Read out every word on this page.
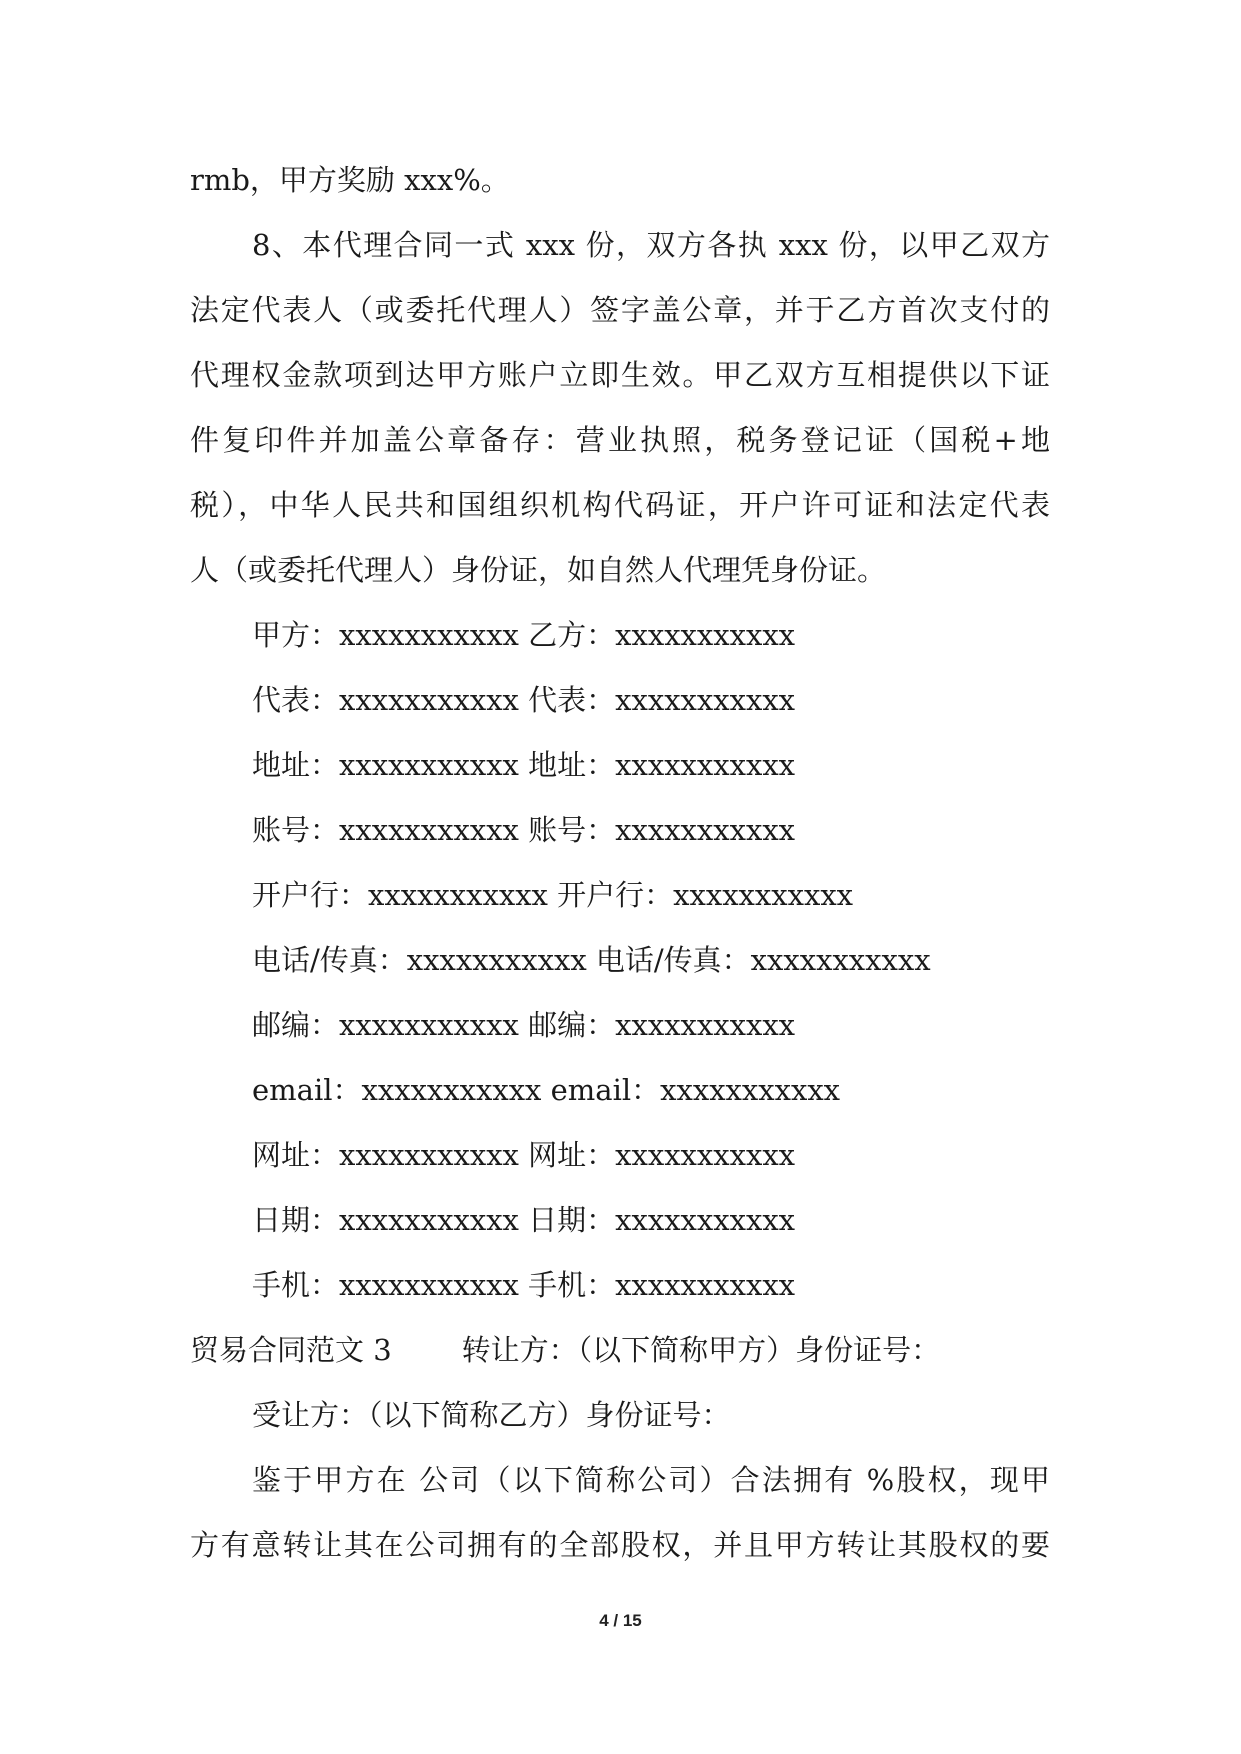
rmb，甲方奖励 xxx%。
8、本代理合同一式 xxx 份，双方各执 xxx 份，以甲乙双方
法定代表人（或委托代理人）签字盖公章，并于乙方首次支付的
代理权金款项到达甲方账户立即生效。甲乙双方互相提供以下证
件复印件并加盖公章备存：营业执照，税务登记证（国税+地
税），中华人民共和国组织机构代码证，开户许可证和法定代表
人（或委托代理人）身份证，如自然人代理凭身份证。
甲方：xxxxxxxxxxx 乙方：xxxxxxxxxxx
代表：xxxxxxxxxxx 代表：xxxxxxxxxxx
地址：xxxxxxxxxxx 地址：xxxxxxxxxxx
账号：xxxxxxxxxxx 账号：xxxxxxxxxxx
开户行：xxxxxxxxxxx 开户行：xxxxxxxxxxx
电话/传真：xxxxxxxxxxx 电话/传真：xxxxxxxxxxx
邮编：xxxxxxxxxxx 邮编：xxxxxxxxxxx
email：xxxxxxxxxxx email：xxxxxxxxxxx
网址：xxxxxxxxxxx 网址：xxxxxxxxxxx
日期：xxxxxxxxxxx 日期：xxxxxxxxxxx
手机：xxxxxxxxxxx 手机：xxxxxxxxxxx
贸易合同范文 3 转让方：（以下简称甲方）身份证号：
受让方：（以下简称乙方）身份证号：
鉴于甲方在 公司（以下简称公司）合法拥有 %股权，现甲
方有意转让其在公司拥有的全部股权，并且甲方转让其股权的要
4 / 15
